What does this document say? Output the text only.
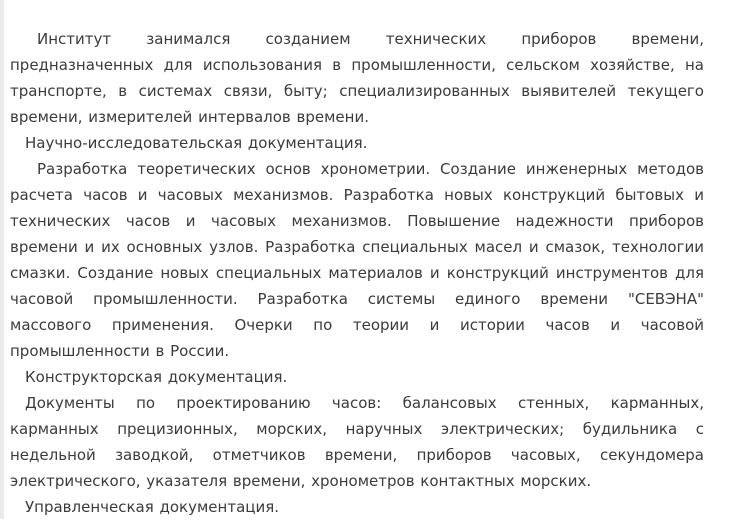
Институт занимался созданием технических приборов времени, предназначенных для использования в промышленности, сельском хозяйстве, на транспорте, в системах связи, быту; специализированных выявителей текущего времени, измерителей интервалов времени.

Научно-исследовательская документация.

Разработка теоретических основ хронометрии. Создание инженерных методов расчета часов и часовых механизмов. Разработка новых конструкций бытовых и технических часов и часовых механизмов. Повышение надежности приборов времени и их основных узлов. Разработка специальных масел и смазок, технологии смазки. Создание новых специальных материалов и конструкций инструментов для часовой промышленности. Разработка системы единого времени "СЕВЭНА" массового применения. Очерки по теории и истории часов и часовой промышленности в России.

Конструкторская документация.

Документы по проектированию часов: балансовых стенных, карманных, карманных прецизионных, морских, наручных электрических; будильника с недельной заводкой, отметчиков времени, приборов часовых, секундомера электрического, указателя времени, хронометров контактных морских.

Управленческая документация.
